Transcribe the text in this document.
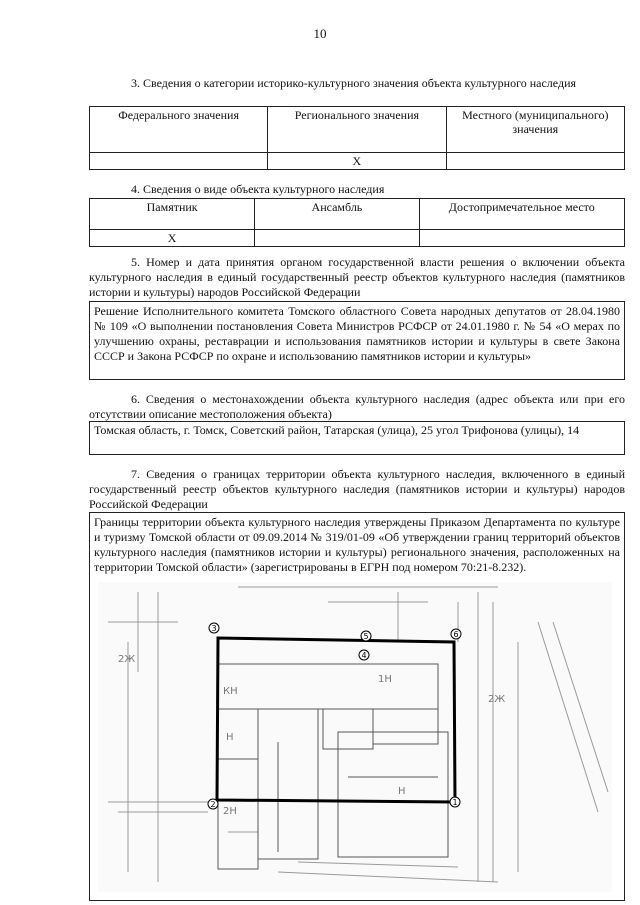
10
3. Сведения о категории историко-культурного значения объекта культурного наследия
Федерального значения	Регионального значения	Местного (муниципального) значения
	Х	
4. Сведения о виде объекта культурного наследия
Памятник	Ансамбль	Достопримечательное место
Х		
5. Номер и дата принятия органом государственной власти решения о включении объекта культурного наследия в единый государственный реестр объектов культурного наследия (памятников истории и культуры) народов Российской Федерации
Решение Исполнительного комитета Томского областного Совета народных депутатов от 28.04.1980 № 109 «О выполнении постановления Совета Министров РСФСР от 24.01.1980 г. № 54 «О мерах по улучшению охраны, реставрации и использования памятников истории и культуры в свете Закона СССР и Закона РСФСР по охране и использованию памятников истории и культуры»
6. Сведения о местонахождении объекта культурного наследия (адрес объекта или при его отсутствии описание местоположения объекта)
Томская область, г. Томск, Советский район, Татарская (улица), 25 угол Трифонова (улицы), 14
7. Сведения о границах территории объекта культурного наследия, включенного в единый государственный реестр объектов культурного наследия (памятников истории и культуры) народов Российской Федерации
Границы территории объекта культурного наследия утверждены Приказом Департамента по культуре и туризму Томской области от 09.09.2014 № 319/01-09 «Об утверждении границ территорий объектов культурного наследия (памятников истории и культуры) регионального значения, расположенных на территории Томской области» (зарегистрированы в ЕГРН под номером 70:21-8.232).
КН
2Н
Н
Н
2Ж
2Ж
1Н
1
2
3
4
5	6
